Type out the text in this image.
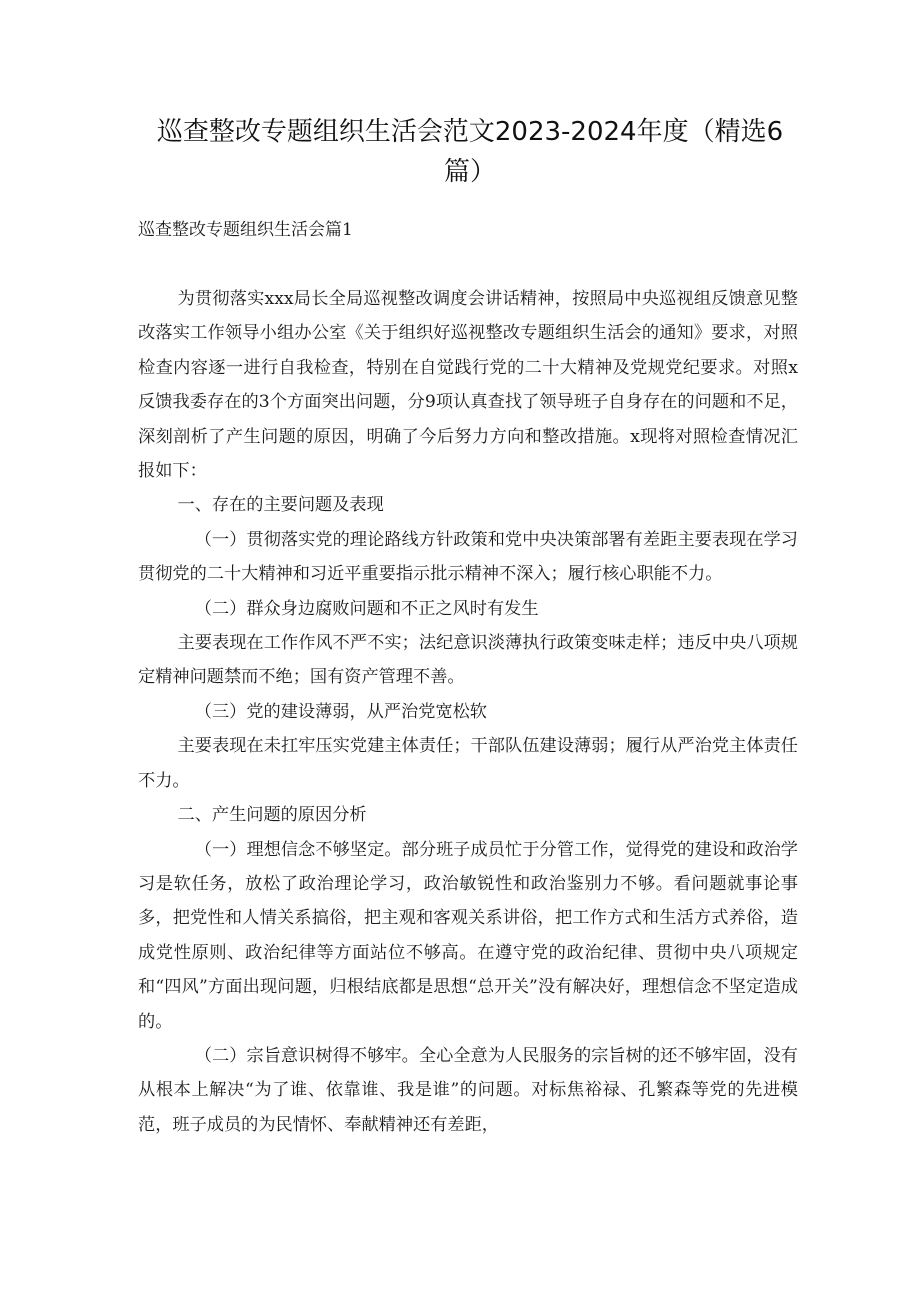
巡查整改专题组织生活会范文2023-2024年度（精选6篇）

巡查整改专题组织生活会篇1

为贯彻落实xxx局长全局巡视整改调度会讲话精神，按照局中央巡视组反馈意见整改落实工作领导小组办公室《关于组织好巡视整改专题组织生活会的通知》要求，对照检查内容逐一进行自我检查，特别在自觉践行党的二十大精神及党规党纪要求。对照x反馈我委存在的3个方面突出问题，分9项认真查找了领导班子自身存在的问题和不足，深刻剖析了产生问题的原因，明确了今后努力方向和整改措施。x现将对照检查情况汇报如下：

一、存在的主要问题及表现

（一）贯彻落实党的理论路线方针政策和党中央决策部署有差距主要表现在学习贯彻党的二十大精神和习近平重要指示批示精神不深入；履行核心职能不力。

（二）群众身边腐败问题和不正之风时有发生

主要表现在工作作风不严不实；法纪意识淡薄执行政策变味走样；违反中央八项规定精神问题禁而不绝；国有资产管理不善。

（三）党的建设薄弱，从严治党宽松软

主要表现在未扛牢压实党建主体责任；干部队伍建设薄弱；履行从严治党主体责任不力。

二、产生问题的原因分析

（一）理想信念不够坚定。部分班子成员忙于分管工作，觉得党的建设和政治学习是软任务，放松了政治理论学习，政治敏锐性和政治鉴别力不够。看问题就事论事多，把党性和人情关系搞俗，把主观和客观关系讲俗，把工作方式和生活方式养俗，造成党性原则、政治纪律等方面站位不够高。在遵守党的政治纪律、贯彻中央八项规定和“四风”方面出现问题，归根结底都是思想“总开关”没有解决好，理想信念不坚定造成的。

（二）宗旨意识树得不够牢。全心全意为人民服务的宗旨树的还不够牢固，没有从根本上解决“为了谁、依靠谁、我是谁”的问题。对标焦裕禄、孔繁森等党的先进模范，班子成员的为民情怀、奉献精神还有差距，
